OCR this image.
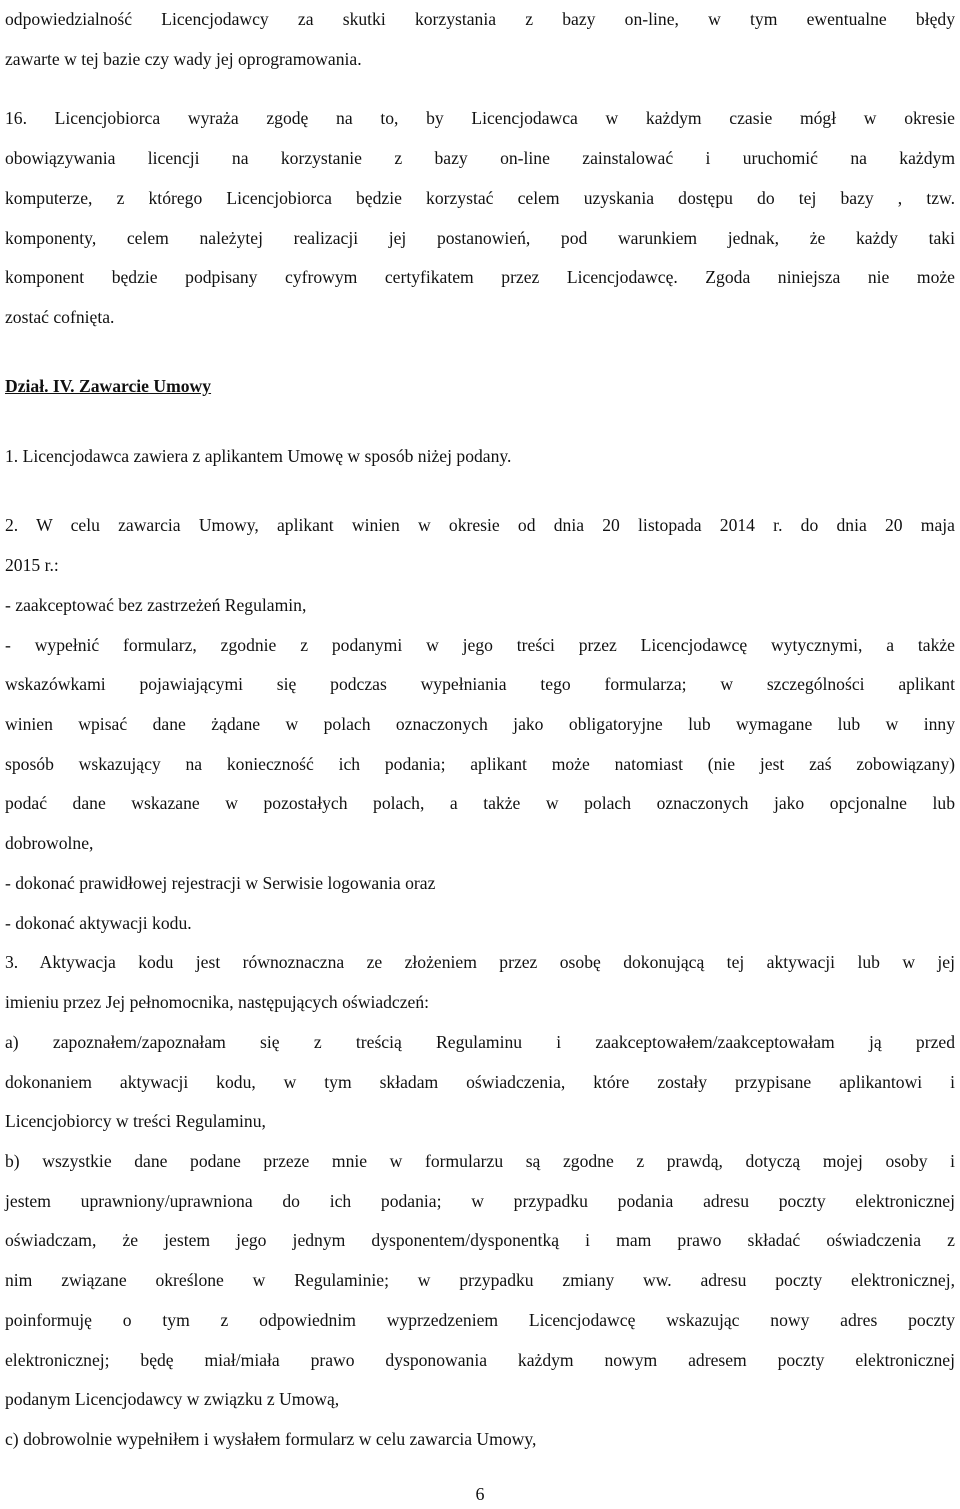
odpowiedzialność Licencjodawcy za skutki korzystania z bazy on-line, w tym ewentualne błędy
zawarte w tej bazie czy wady jej oprogramowania.
16. Licencjobiorca wyraża zgodę na to, by Licencjodawca w każdym czasie mógł w okresie
obowiązywania licencji na korzystanie z bazy on-line zainstalować i uruchomić na każdym
komputerze, z którego Licencjobiorca będzie korzystać celem uzyskania dostępu do tej bazy , tzw.
komponenty, celem należytej realizacji jej postanowień, pod warunkiem jednak, że każdy taki
komponent będzie podpisany cyfrowym certyfikatem przez Licencjodawcę. Zgoda niniejsza nie może
zostać cofnięta.
Dział. IV. Zawarcie Umowy
1. Licencjodawca zawiera z aplikantem Umowę w sposób niżej podany.
2. W celu zawarcia Umowy, aplikant winien w okresie od dnia 20 listopada 2014 r. do dnia 20 maja
2015 r.:
- zaakceptować bez zastrzeżeń Regulamin,
- wypełnić formularz, zgodnie z podanymi w jego treści przez Licencjodawcę wytycznymi, a także
wskazówkami pojawiającymi się podczas wypełniania tego formularza; w szczególności aplikant
winien wpisać dane żądane w polach oznaczonych jako obligatoryjne lub wymagane lub w inny
sposób wskazujący na konieczność ich podania; aplikant może natomiast (nie jest zaś zobowiązany)
podać dane wskazane w pozostałych polach, a także w polach oznaczonych jako opcjonalne lub
dobrowolne,
- dokonać prawidłowej rejestracji w Serwisie logowania oraz
- dokonać aktywacji kodu.
3. Aktywacja kodu jest równoznaczna ze złożeniem przez osobę dokonującą tej aktywacji lub w jej
imieniu przez Jej pełnomocnika, następujących oświadczeń:
a) zapoznałem/zapoznałam się z treścią Regulaminu i zaakceptowałem/zaakceptowałam ją przed
dokonaniem aktywacji kodu, w tym składam oświadczenia, które zostały przypisane aplikantowi i
Licencjobiorcy w treści Regulaminu,
b) wszystkie dane podane przeze mnie w formularzu są zgodne z prawdą, dotyczą mojej osoby i
jestem uprawniony/uprawniona do ich podania; w przypadku podania adresu poczty elektronicznej
oświadczam, że jestem jego jednym dysponentem/dysponentką i mam prawo składać oświadczenia z
nim związane określone w Regulaminie; w przypadku zmiany ww. adresu poczty elektronicznej,
poinformuję o tym z odpowiednim wyprzedzeniem Licencjodawcę wskazując nowy adres poczty
elektronicznej; będę miał/miała prawo dysponowania każdym nowym adresem poczty elektronicznej
podanym Licencjodawcy w związku z Umową,
c) dobrowolnie wypełniłem i wysłałem formularz w celu zawarcia Umowy,
6
